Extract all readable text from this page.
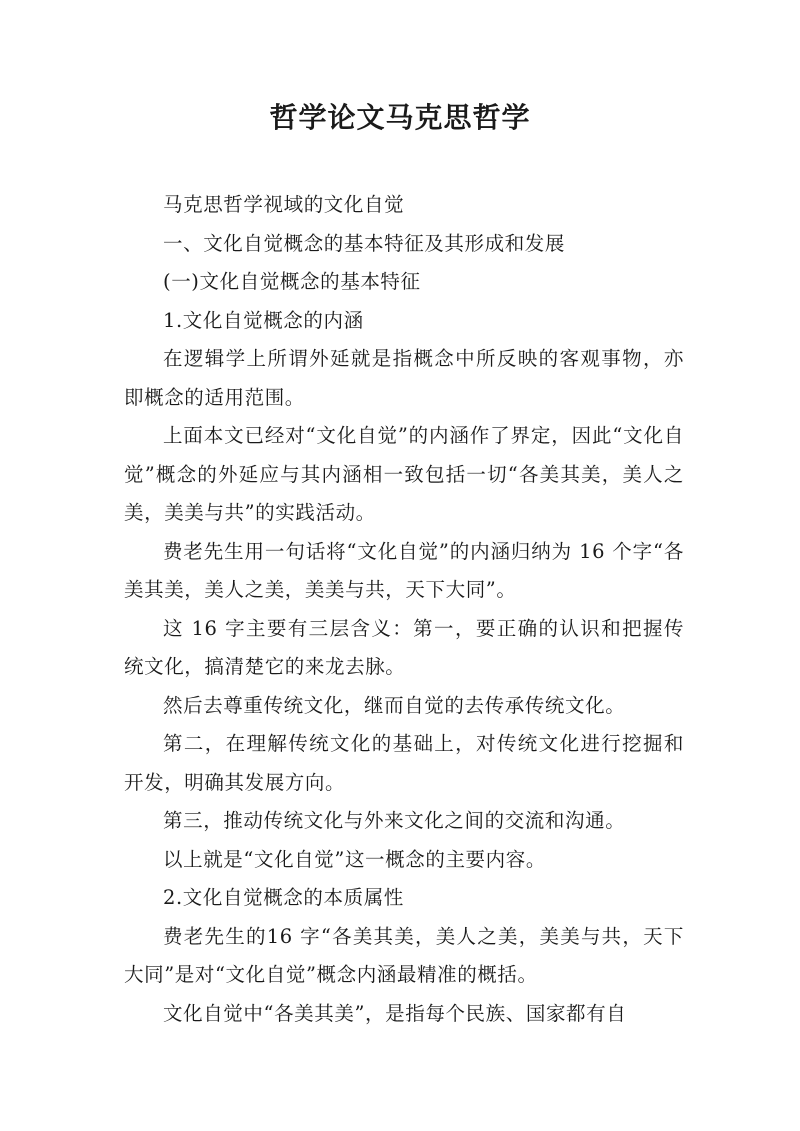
哲学论文马克思哲学

马克思哲学视域的文化自觉

一、文化自觉概念的基本特征及其形成和发展

(一)文化自觉概念的基本特征

1.文化自觉概念的内涵

在逻辑学上所谓外延就是指概念中所反映的客观事物，亦即概念的适用范围。

上面本文已经对“文化自觉”的内涵作了界定，因此“文化自觉”概念的外延应与其内涵相一致包括一切“各美其美，美人之美，美美与共”的实践活动。

费老先生用一句话将“文化自觉”的内涵归纳为 16 个字“各美其美，美人之美，美美与共，天下大同”。

这 16 字主要有三层含义：第一，要正确的认识和把握传统文化，搞清楚它的来龙去脉。

然后去尊重传统文化，继而自觉的去传承传统文化。

第二，在理解传统文化的基础上，对传统文化进行挖掘和开发，明确其发展方向。

第三，推动传统文化与外来文化之间的交流和沟通。

以上就是“文化自觉”这一概念的主要内容。

2.文化自觉概念的本质属性

费老先生的16 字“各美其美，美人之美，美美与共，天下大同”是对“文化自觉”概念内涵最精准的概括。

文化自觉中“各美其美”，是指每个民族、国家都有自
